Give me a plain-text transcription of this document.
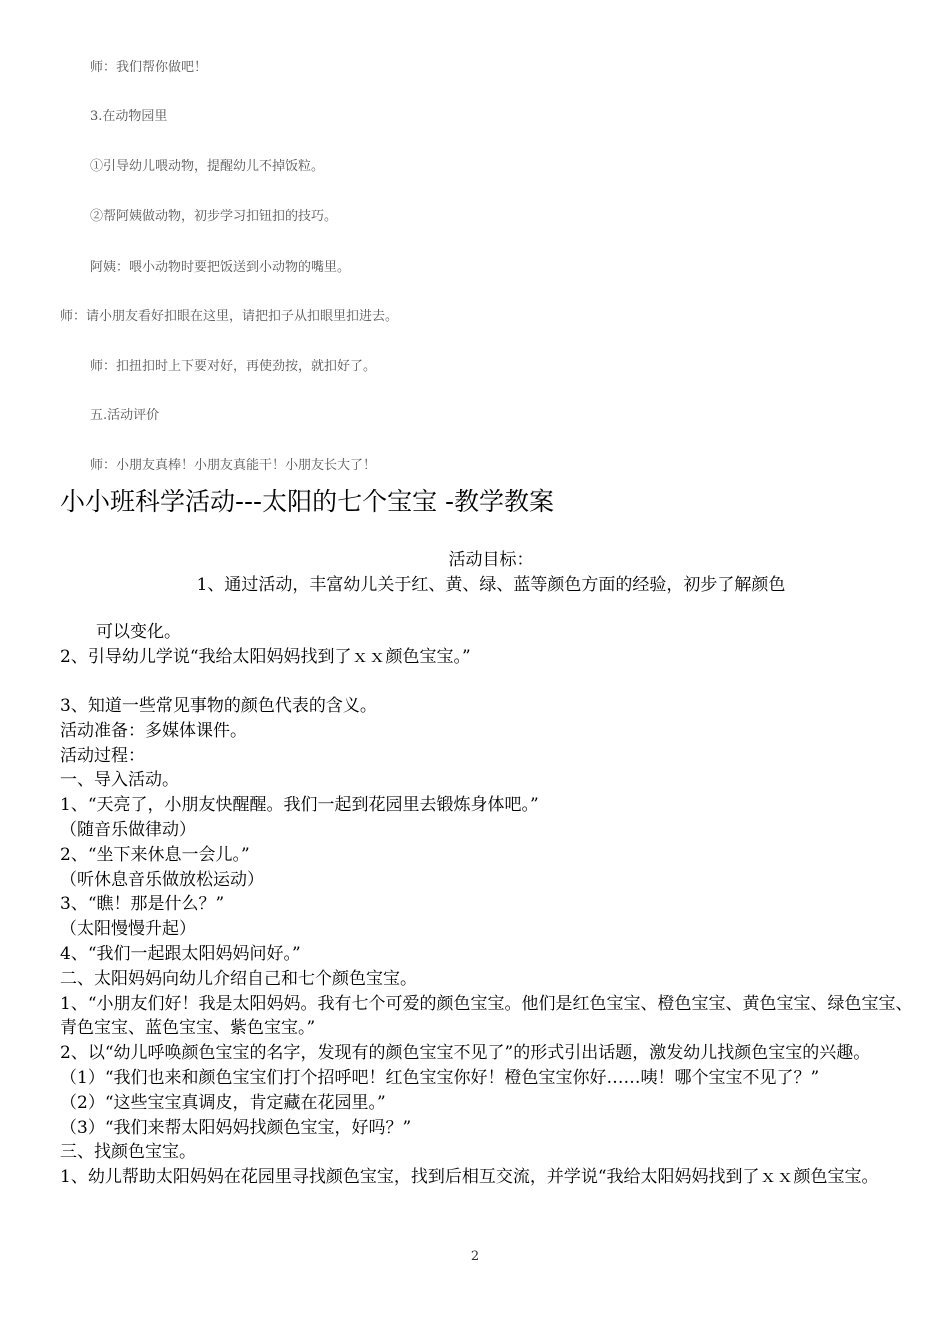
师：我们帮你做吧！
3.在动物园里
①引导幼儿喂动物，提醒幼儿不掉饭粒。
②帮阿姨做动物，初步学习扣钮扣的技巧。
阿姨：喂小动物时要把饭送到小动物的嘴里。
师：请小朋友看好扣眼在这里，请把扣子从扣眼里扣进去。
师：扣扭扣时上下要对好，再使劲按，就扣好了。
五.活动评价
师：小朋友真棒！小朋友真能干！小朋友长大了！
小小班科学活动---太阳的七个宝宝 -教学教案

活动目标：

1、通过活动，丰富幼儿关于红、黄、绿、蓝等颜色方面的经验，初步了解颜色

可以变化。

2、引导幼儿学说“我给太阳妈妈找到了ｘｘ颜色宝宝。”

3、知道一些常见事物的颜色代表的含义。

活动准备：多媒体课件。

活动过程：

一、导入活动。

1、“天亮了，小朋友快醒醒。我们一起到花园里去锻炼身体吧。”

（随音乐做律动）

2、“坐下来休息一会儿。”

（听休息音乐做放松运动）

3、“瞧！那是什么？”

（太阳慢慢升起）

4、“我们一起跟太阳妈妈问好。”

二、太阳妈妈向幼儿介绍自己和七个颜色宝宝。

1、“小朋友们好！我是太阳妈妈。我有七个可爱的颜色宝宝。他们是红色宝宝、橙色宝宝、黄色宝宝、绿色宝宝、青色宝宝、蓝色宝宝、紫色宝宝。”

2、以“幼儿呼唤颜色宝宝的名字，发现有的颜色宝宝不见了”的形式引出话题，激发幼儿找颜色宝宝的兴趣。

（1）“我们也来和颜色宝宝们打个招呼吧！红色宝宝你好！橙色宝宝你好……咦！哪个宝宝不见了？”

（2）“这些宝宝真调皮，肯定藏在花园里。”

（3）“我们来帮太阳妈妈找颜色宝宝，好吗？”

三、找颜色宝宝。

1、幼儿帮助太阳妈妈在花园里寻找颜色宝宝，找到后相互交流，并学说“我给太阳妈妈找到了ｘｘ颜色宝宝。

2
